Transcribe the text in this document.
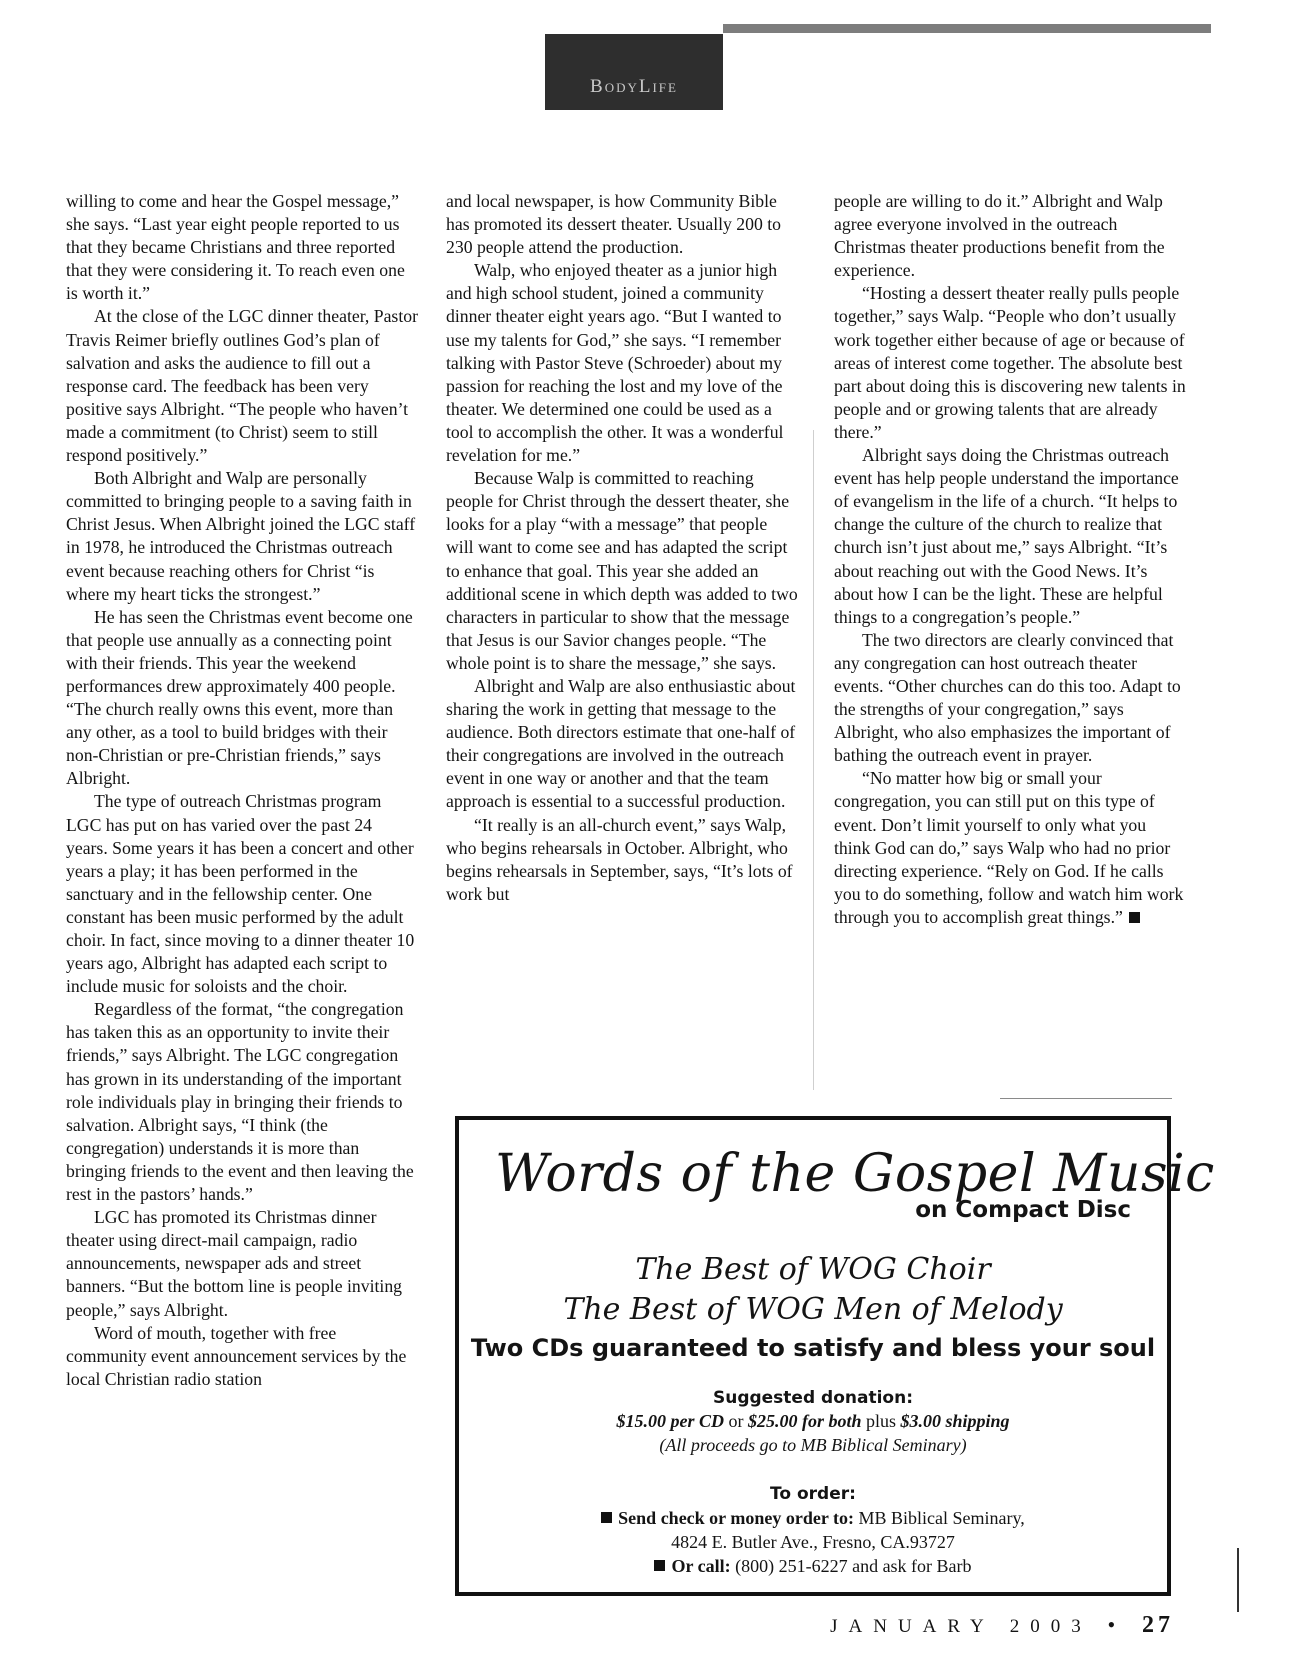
BodyLife

willing to come and hear the Gospel message,” she says. “Last year eight people reported to us that they became Christians and three reported that they were considering it. To reach even one is worth it.”

At the close of the LGC dinner theater, Pastor Travis Reimer briefly outlines God’s plan of salvation and asks the audience to fill out a response card. The feedback has been very positive says Albright. “The people who haven’t made a commitment (to Christ) seem to still respond positively.”

Both Albright and Walp are personally committed to bringing people to a saving faith in Christ Jesus. When Albright joined the LGC staff in 1978, he introduced the Christmas outreach event because reaching others for Christ “is where my heart ticks the strongest.”

He has seen the Christmas event become one that people use annually as a connecting point with their friends. This year the weekend performances drew approximately 400 people. “The church really owns this event, more than any other, as a tool to build bridges with their non-Christian or pre-Christian friends,” says Albright.

The type of outreach Christmas program LGC has put on has varied over the past 24 years. Some years it has been a concert and other years a play; it has been performed in the sanctuary and in the fellowship center. One constant has been music performed by the adult choir. In fact, since moving to a dinner theater 10 years ago, Albright has adapted each script to include music for soloists and the choir.

Regardless of the format, “the congregation has taken this as an opportunity to invite their friends,” says Albright. The LGC congregation has grown in its understanding of the important role individuals play in bringing their friends to salvation. Albright says, “I think (the congregation) understands it is more than bringing friends to the event and then leaving the rest in the pastors’ hands.”

LGC has promoted its Christmas dinner theater using direct-mail campaign, radio announcements, newspaper ads and street banners. “But the bottom line is people inviting people,” says Albright.

Word of mouth, together with free community event announcement services by the local Christian radio station

and local newspaper, is how Community Bible has promoted its dessert theater. Usually 200 to 230 people attend the production.

Walp, who enjoyed theater as a junior high and high school student, joined a community dinner theater eight years ago. “But I wanted to use my talents for God,” she says. “I remember talking with Pastor Steve (Schroeder) about my passion for reaching the lost and my love of the theater. We determined one could be used as a tool to accomplish the other. It was a wonderful revelation for me.”

Because Walp is committed to reaching people for Christ through the dessert theater, she looks for a play “with a message” that people will want to come see and has adapted the script to enhance that goal. This year she added an additional scene in which depth was added to two characters in particular to show that the message that Jesus is our Savior changes people. “The whole point is to share the message,” she says.

Albright and Walp are also enthusiastic about sharing the work in getting that message to the audience. Both directors estimate that one-half of their congregations are involved in the outreach event in one way or another and that the team approach is essential to a successful production.

“It really is an all-church event,” says Walp, who begins rehearsals in October. Albright, who begins rehearsals in September, says, “It’s lots of work but

people are willing to do it.” Albright and Walp agree everyone involved in the outreach Christmas theater productions benefit from the experience.

“Hosting a dessert theater really pulls people together,” says Walp. “People who don’t usually work together either because of age or because of areas of interest come together. The absolute best part about doing this is discovering new talents in people and or growing talents that are already there.”

Albright says doing the Christmas outreach event has help people understand the importance of evangelism in the life of a church. “It helps to change the culture of the church to realize that church isn’t just about me,” says Albright. “It’s about reaching out with the Good News. It’s about how I can be the light. These are helpful things to a congregation’s people.”

The two directors are clearly convinced that any congregation can host outreach theater events. “Other churches can do this too. Adapt to the strengths of your congregation,” says Albright, who also emphasizes the important of bathing the outreach event in prayer.

“No matter how big or small your congregation, you can still put on this type of event. Don’t limit yourself to only what you think God can do,” says Walp who had no prior directing experience. “Rely on God. If he calls you to do something, follow and watch him work through you to accomplish great things.”

Words of the Gospel Music
on Compact Disc
The Best of WOG Choir
The Best of WOG Men of Melody
Two CDs guaranteed to satisfy and bless your soul
Suggested donation:
$15.00 per CD or $25.00 for both plus $3.00 shipping
(All proceeds go to MB Biblical Seminary)
To order:
Send check or money order to: MB Biblical Seminary,
4824 E. Butler Ave., Fresno, CA.93727
Or call: (800) 251-6227 and ask for Barb
JANUARY 2003 • 27
